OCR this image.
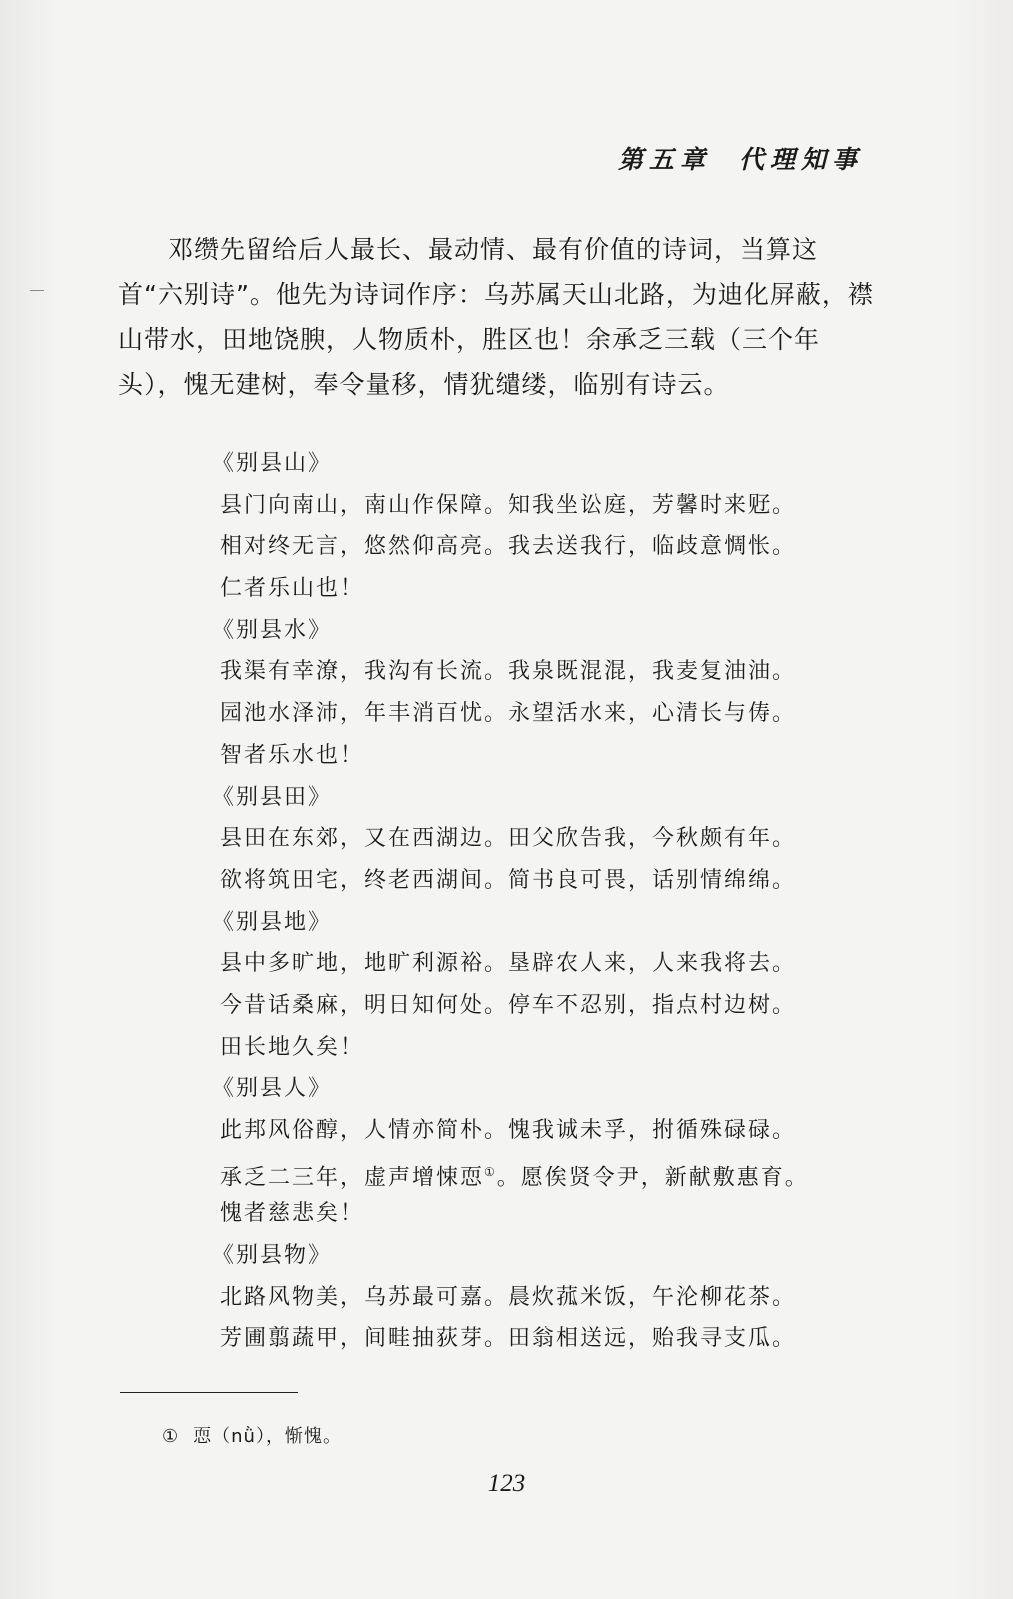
第五章 代理知事

邓缵先留给后人最长、最动情、最有价值的诗词，当算这首“六别诗”。他先为诗词作序：乌苏属天山北路，为迪化屏蔽，襟山带水，田地饶腴，人物质朴，胜区也！余承乏三载（三个年头），愧无建树，奉令量移，情犹缱缕，临别有诗云。

《别县山》
县门向南山，南山作保障。知我坐讼庭，芳馨时来觃。
相对终无言，悠然仰高亮。我去送我行，临歧意惆怅。
仁者乐山也！
《别县水》
我渠有幸潦，我沟有长流。我泉既混混，我麦复油油。
园池水泽沛，年丰消百忧。永望活水来，心清长与俦。
智者乐水也！
《别县田》
县田在东郊，又在西湖边。田父欣告我，今秋颇有年。
欲将筑田宅，终老西湖间。简书良可畏，话别情绵绵。
《别县地》
县中多旷地，地旷利源裕。垦辟农人来，人来我将去。
今昔话桑麻，明日知何处。停车不忍别，指点村边树。
田长地久矣！
《别县人》
此邦风俗醇，人情亦简朴。愧我诚未孚，拊循殊碌碌。
承乏二三年，虚声增悚恧①。愿俟贤令尹，新献敷惠育。
愧者慈悲矣！
《别县物》
北路风物美，乌苏最可嘉。晨炊菰米饭，午沦柳花茶。
芳圃翦蔬甲，间畦抽荻芽。田翁相送远，贻我寻支瓜。
① 恧（nǜ），惭愧。
123
